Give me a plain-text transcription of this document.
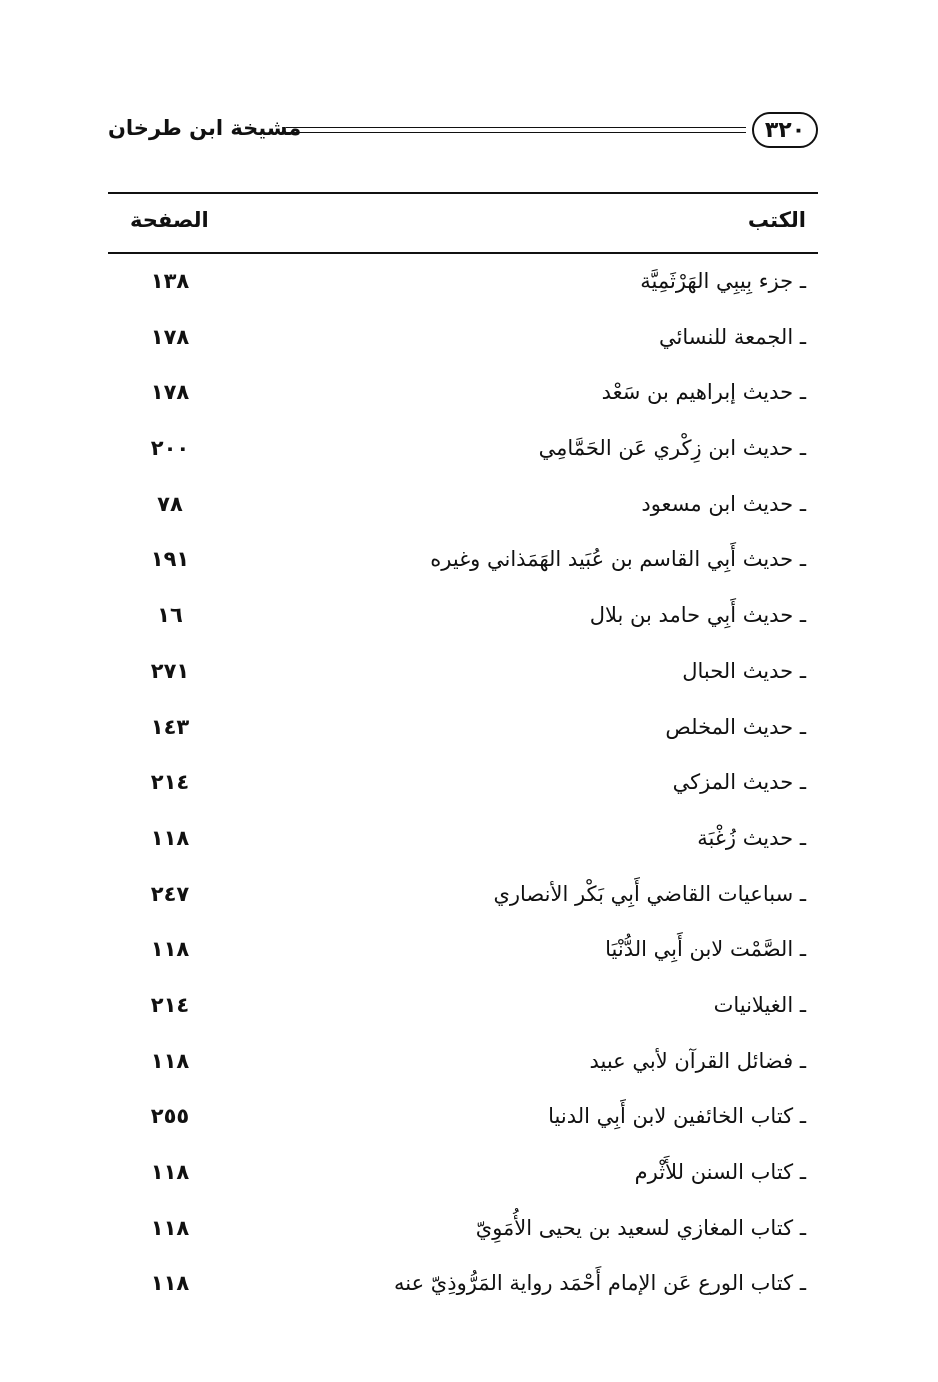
مشيخة ابن طرخان	٣٢٠
الكتب
الصفحة
ـ جزء بِيبِي الهَرْثَمِيَّة
١٣٨
ـ الجمعة للنسائي
١٧٨
ـ حديث إبراهيم بن سَعْد
١٧٨
ـ حديث ابن زِكْري عَن الحَمَّامِي
٢٠٠
ـ حديث ابن مسعود
٧٨
ـ حديث أَبِي القاسم بن عُبَيد الهَمَذاني وغيره
١٩١
ـ حديث أَبِي حامد بن بلال
١٦
ـ حديث الحبال
٢٧١
ـ حديث المخلص
١٤٣
ـ حديث المزكي
٢١٤
ـ حديث زُغْبَة
١١٨
ـ سباعيات القاضي أَبِي بَكْر الأنصاري
٢٤٧
ـ الصَّمْت لابن أَبِي الدُّنْيَا
١١٨
ـ الغيلانيات
٢١٤
ـ فضائل القرآن لأبي عبيد
١١٨
ـ كتاب الخائفين لابن أَبِي الدنيا
٢٥٥
ـ كتاب السنن للأَثْرم
١١٨
ـ كتاب المغازي لسعيد بن يحيى الأُمَوِيّ
١١٨
ـ كتاب الورع عَن الإمام أَحْمَد رواية المَرُّوذِيّ عنه
١١٨
